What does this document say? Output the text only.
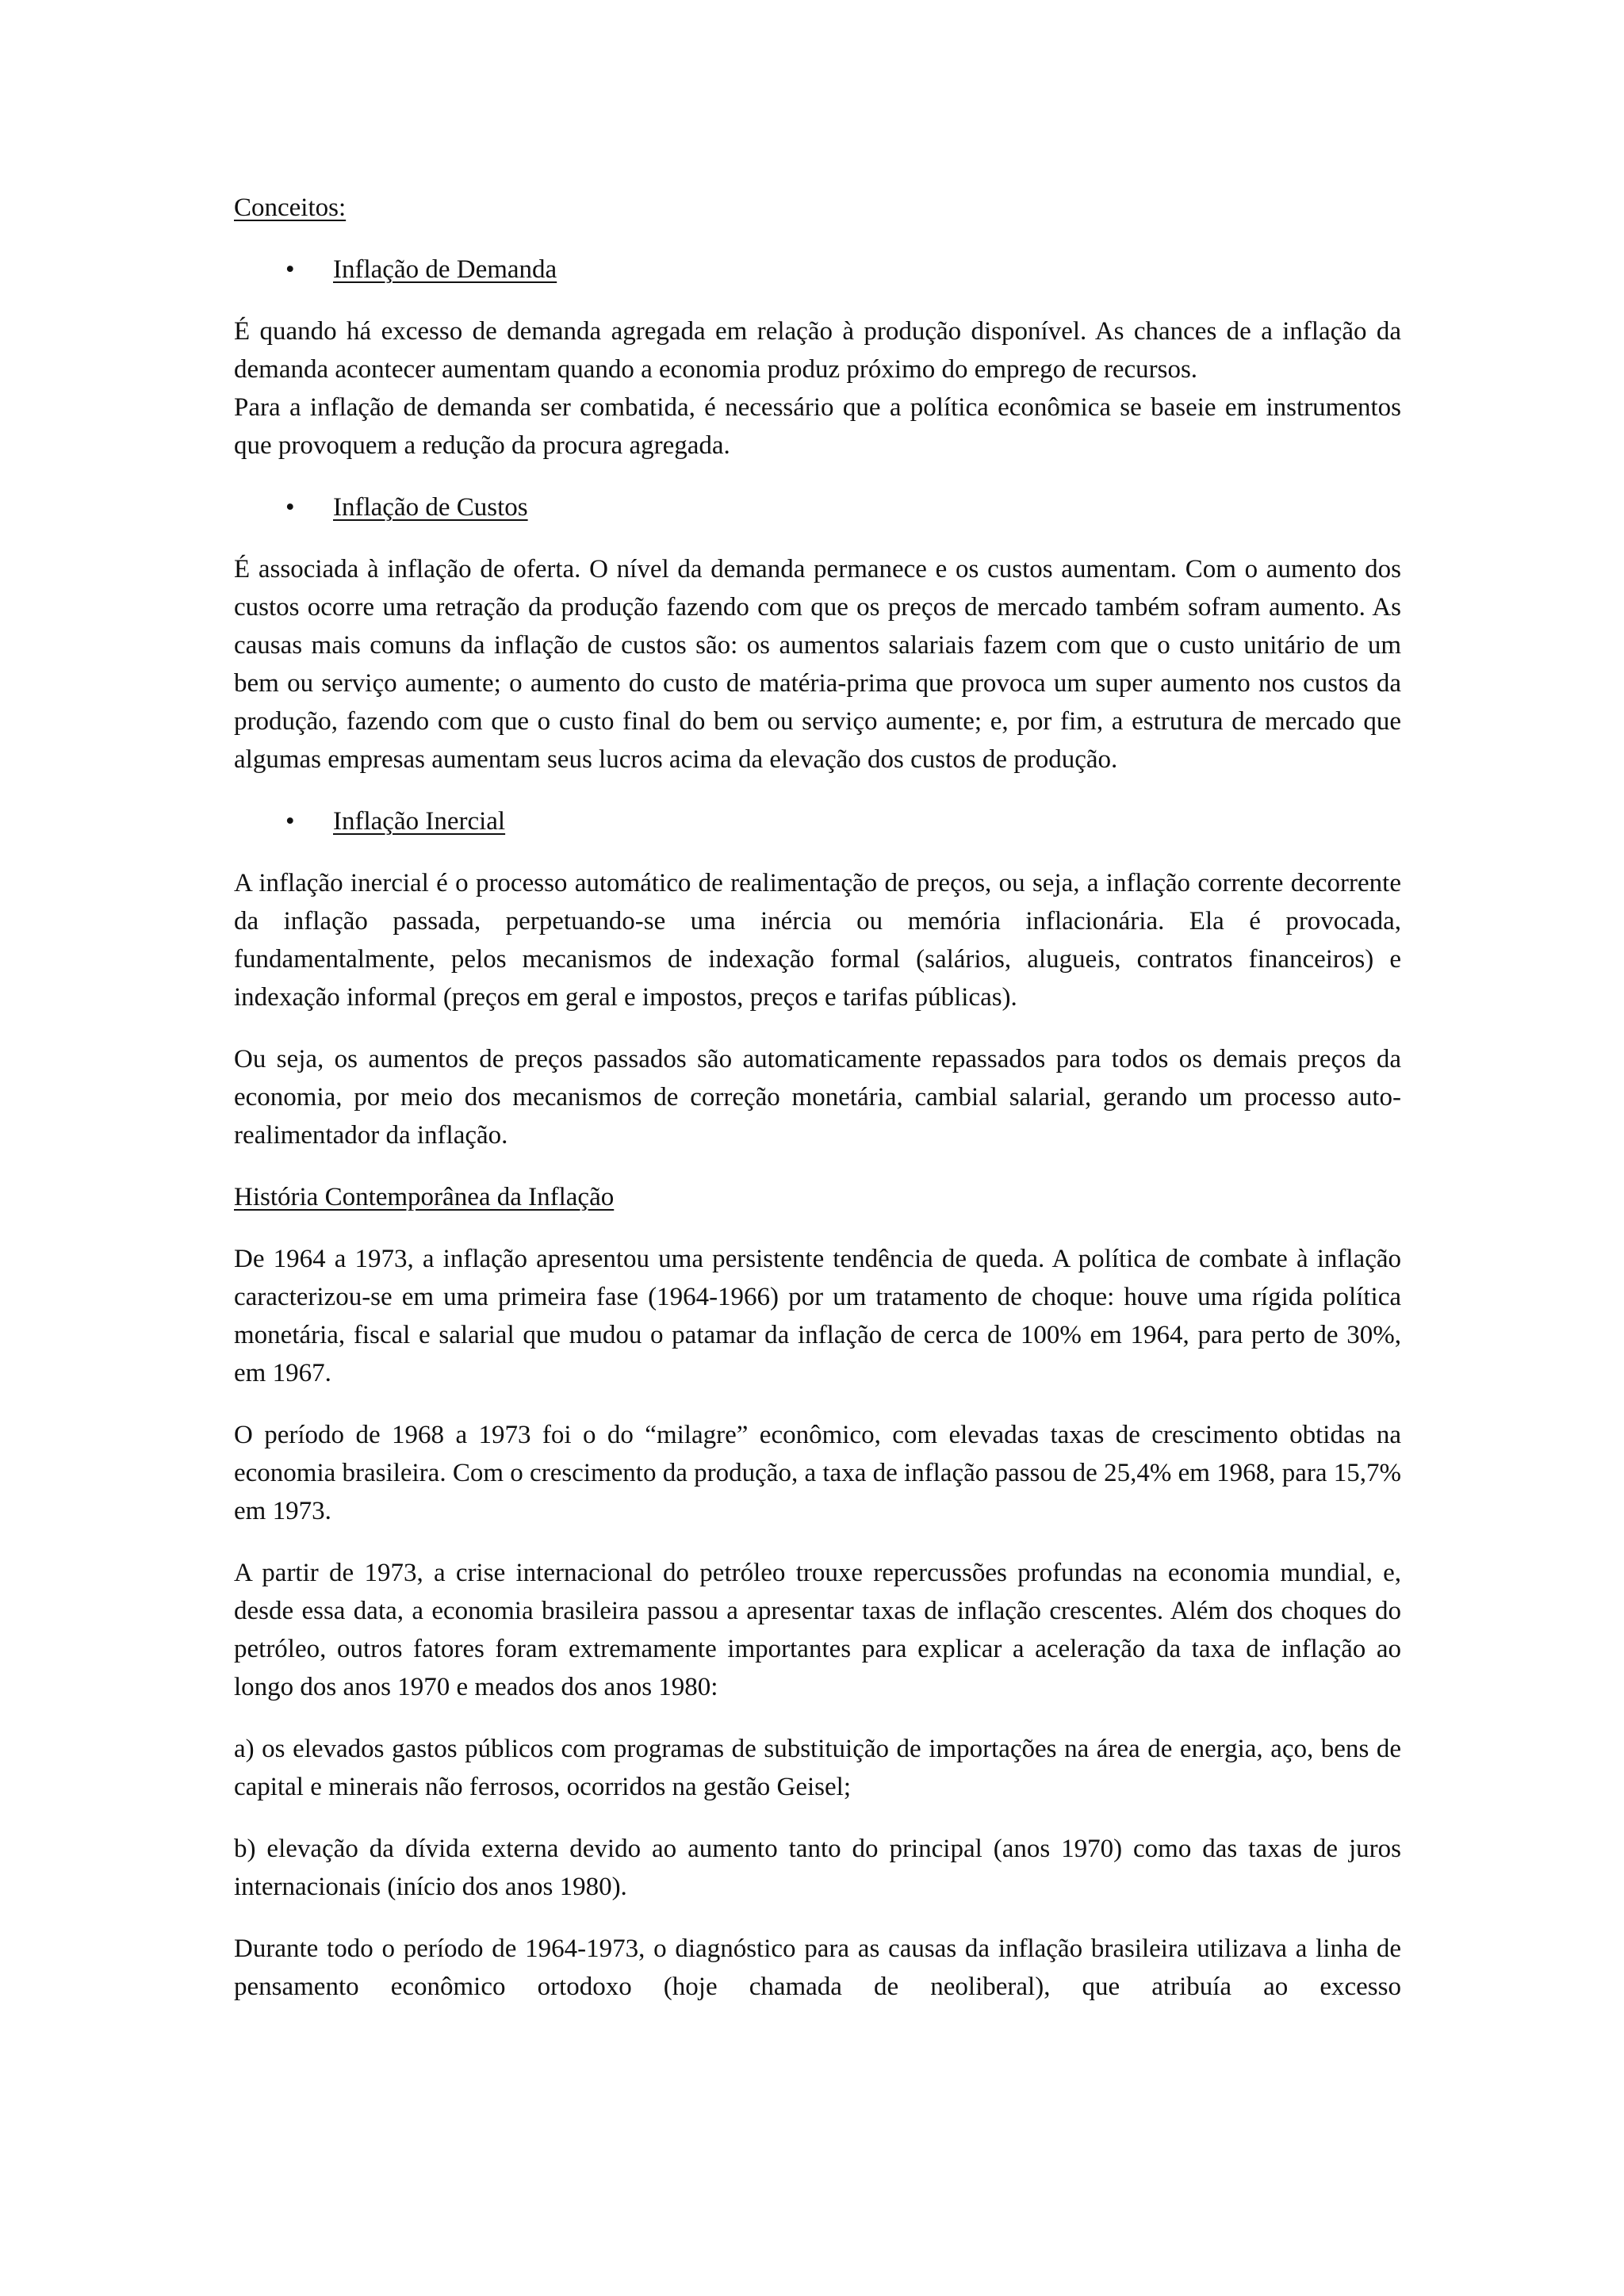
Conceitos:

• Inflação de Demanda

É quando há excesso de demanda agregada em relação à produção disponível. As chances de a inflação da demanda acontecer aumentam quando a economia produz próximo do emprego de recursos.

Para a inflação de demanda ser combatida, é necessário que a política econômica se baseie em instrumentos que provoquem a redução da procura agregada.

• Inflação de Custos

É associada à inflação de oferta. O nível da demanda permanece e os custos aumentam. Com o aumento dos custos ocorre uma retração da produção fazendo com que os preços de mercado também sofram aumento. As causas mais comuns da inflação de custos são: os aumentos salariais fazem com que o custo unitário de um bem ou serviço aumente; o aumento do custo de matéria-prima que provoca um super aumento nos custos da produção, fazendo com que o custo final do bem ou serviço aumente; e, por fim, a estrutura de mercado que algumas empresas aumentam seus lucros acima da elevação dos custos de produção.

• Inflação Inercial

A inflação inercial é o processo automático de realimentação de preços, ou seja, a inflação corrente decorrente da inflação passada, perpetuando-se uma inércia ou memória inflacionária. Ela é provocada, fundamentalmente, pelos mecanismos de indexação formal (salários, alugueis, contratos financeiros) e indexação informal (preços em geral e impostos, preços e tarifas públicas).

Ou seja, os aumentos de preços passados são automaticamente repassados para todos os demais preços da economia, por meio dos mecanismos de correção monetária, cambial salarial, gerando um processo auto-realimentador da inflação.

História Contemporânea da Inflação

De 1964 a 1973, a inflação apresentou uma persistente tendência de queda. A política de combate à inflação caracterizou-se em uma primeira fase (1964-1966) por um tratamento de choque: houve uma rígida política monetária, fiscal e salarial que mudou o patamar da inflação de cerca de 100% em 1964, para perto de 30%, em 1967.

O período de 1968 a 1973 foi o do “milagre” econômico, com elevadas taxas de crescimento obtidas na economia brasileira. Com o crescimento da produção, a taxa de inflação passou de 25,4% em 1968, para 15,7% em 1973.

A partir de 1973, a crise internacional do petróleo trouxe repercussões profundas na economia mundial, e, desde essa data, a economia brasileira passou a apresentar taxas de inflação crescentes. Além dos choques do petróleo, outros fatores foram extremamente importantes para explicar a aceleração da taxa de inflação ao longo dos anos 1970 e meados dos anos 1980:

a) os elevados gastos públicos com programas de substituição de importações na área de energia, aço, bens de capital e minerais não ferrosos, ocorridos na gestão Geisel;

b) elevação da dívida externa devido ao aumento tanto do principal (anos 1970) como das taxas de juros internacionais (início dos anos 1980).

Durante todo o período de 1964-1973, o diagnóstico para as causas da inflação brasileira utilizava a linha de pensamento econômico ortodoxo (hoje chamada de neoliberal), que atribuía ao excesso
